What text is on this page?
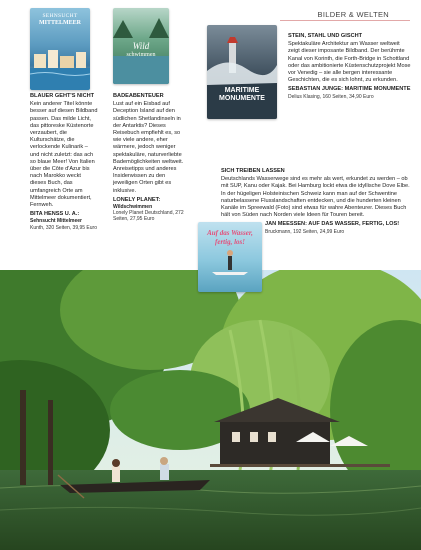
BILDER & WELTEN
SEHNSUCHT
MITTELMEER
Wild
schwimmen
MARITIME
MONUMENTE
BLAUER GEHT'S NICHT

Kein anderer Titel könnte besser auf diesen Bildband passen. Das milde Licht, das pittoreske Küstenorte verzaubert, die Kulturschätze, die verlockende Kulinarik – und nicht zuletzt: das ach so blaue Meer! Von Italien über die Côte d'Azur bis nach Marokko weckt dieses Buch, das umfangreich Orte am Mittelmeer dokumentiert, Fernweh.

BITA HENSS U. A.:
Sehnsucht Mittelmeer
Kunth, 320 Seiten, 39,95 Euro
BADEABENTEUER

Lust auf ein Eisbad auf Deception Island auf den südlichen Shetlandinseln in der Antarktis? Dieses Reisebuch empfiehlt es, so wie viele andere, eher wärmere, jedoch weniger spektakuläre, naturverliebte Bademöglichkeiten weltweit. Anreisetipps und anderes Insiderwissen zu den jeweiligen Orten gibt es inklusive.

LONELY PLANET:
Wildschwimmen
Lonely Planet Deutschland, 272 Seiten, 27,95 Euro
STEIN, STAHL UND GISCHT

Spektakuläre Architektur am Wasser weltweit zeigt dieser imposante Bildband. Der berühmte Kanal von Korinth, die Forth-Bridge in Schottland oder das ambitionierte Küstenschutzprojekt Mose vor Venedig – sie alle bergen interessante Geschichten, die es sich lohnt, zu erkunden.

SEBASTIAN JUNGE: MARITIME MONUMENTE
Delius Klasing, 160 Seiten, 34,90 Euro
Auf das Wasser,
fertig, los!
SICH TREIBEN LASSEN

Deutschlands Wasserwege sind es mehr als wert, erkundet zu werden – ob mit SUP, Kanu oder Kajak. Bei Hamburg lockt etwa die idyllische Dove Elbe. In der hügeligen Holsteinischen Schweiz kann man auf der Schwentine naturbelassene Flusslandschaften entdecken, und die hunderten kleinen Kanäle im Spreewald (Foto) sind etwas für wahre Abenteurer. Dieses Buch hält von Süden nach Norden viele Ideen für Touren bereit.

JAN MEESSEN: AUF DAS WASSER, FERTIG, LOS!
Bruckmann, 192 Seiten, 24,99 Euro
